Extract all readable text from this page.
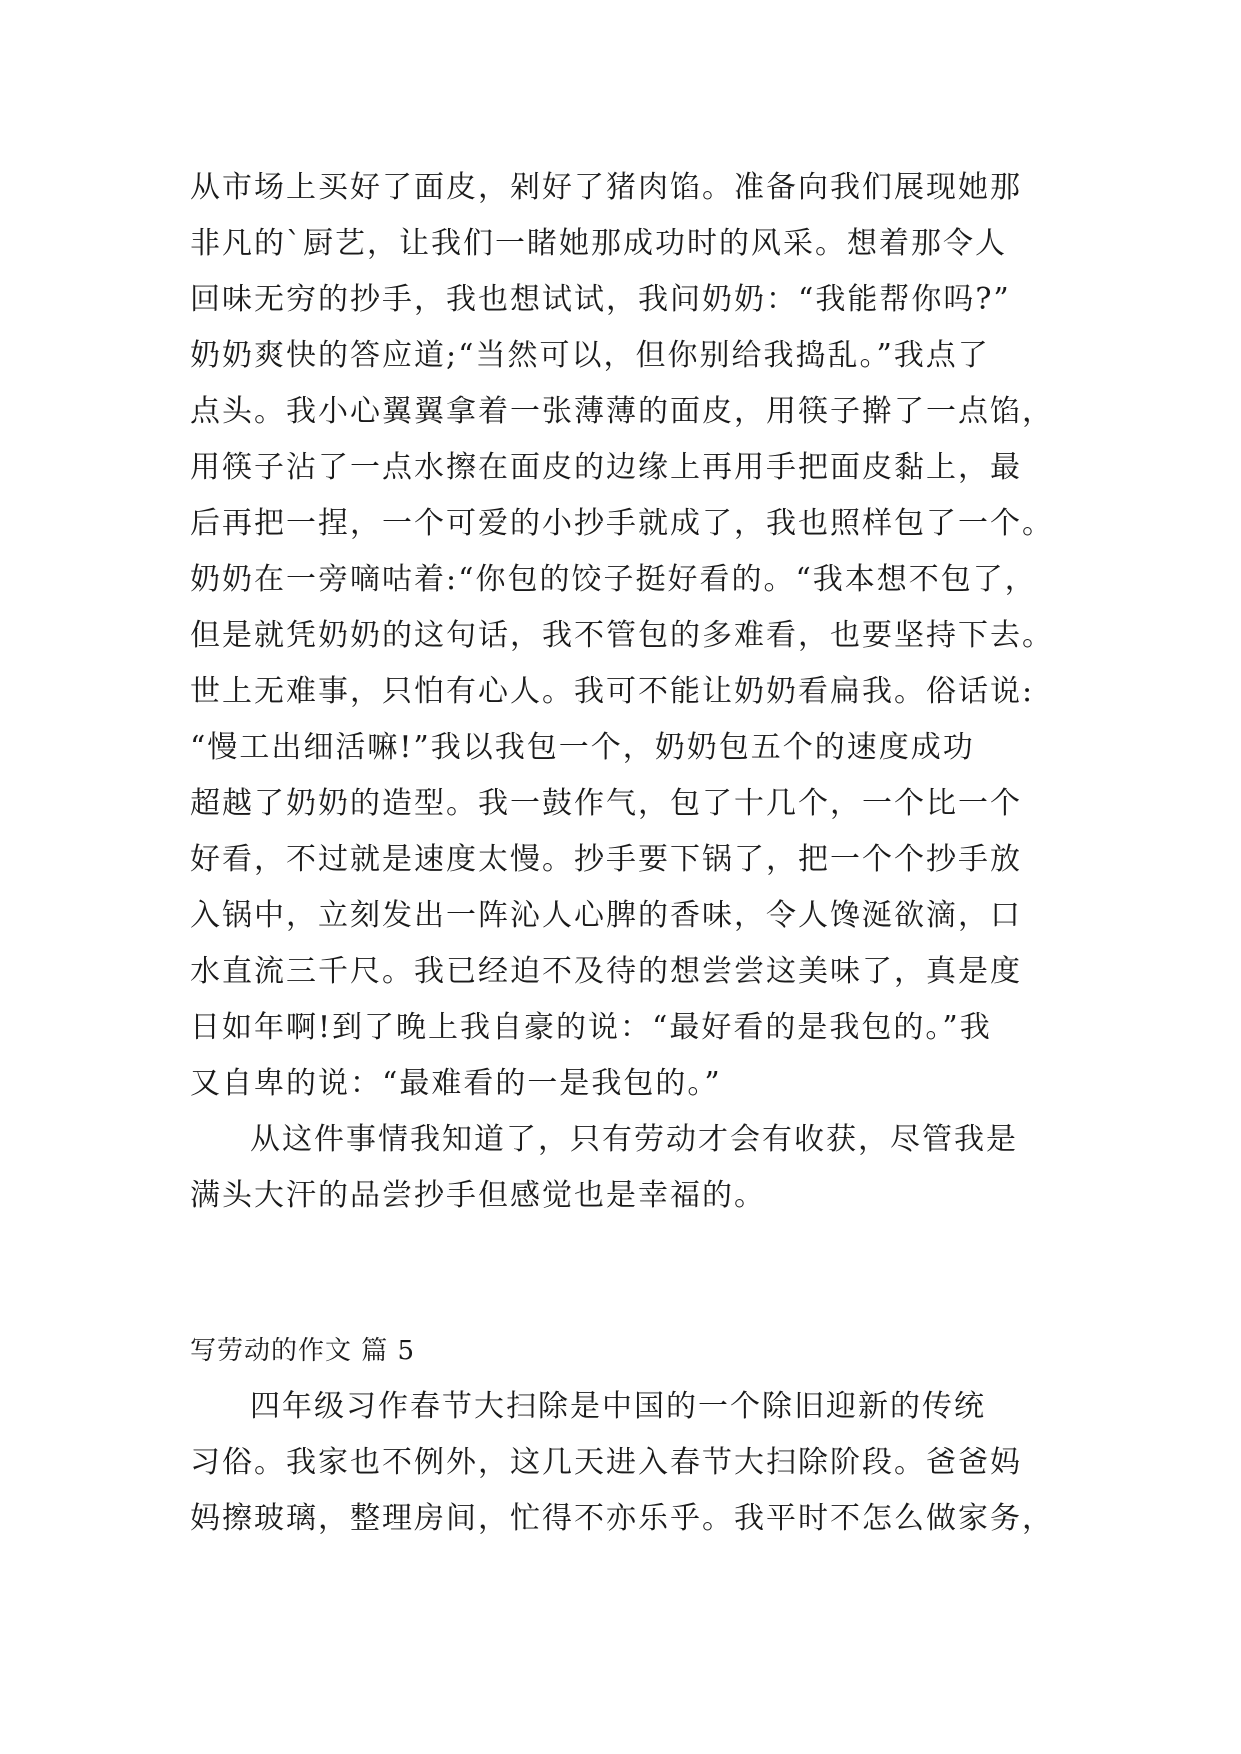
从市场上买好了面皮，剁好了猪肉馅。准备向我们展现她那
非凡的`厨艺，让我们一睹她那成功时的风采。想着那令人
回味无穷的抄手，我也想试试，我问奶奶：“我能帮你吗?”
奶奶爽快的答应道;“当然可以，但你别给我捣乱。”我点了
点头。我小心翼翼拿着一张薄薄的面皮，用筷子擀了一点馅，
用筷子沾了一点水擦在面皮的边缘上再用手把面皮黏上，最
后再把一捏，一个可爱的小抄手就成了，我也照样包了一个。
奶奶在一旁嘀咕着:“你包的饺子挺好看的。“我本想不包了，
但是就凭奶奶的这句话，我不管包的多难看，也要坚持下去。
世上无难事，只怕有心人。我可不能让奶奶看扁我。俗话说:
“慢工出细活嘛!”我以我包一个，奶奶包五个的速度成功
超越了奶奶的造型。我一鼓作气，包了十几个，一个比一个
好看，不过就是速度太慢。抄手要下锅了，把一个个抄手放
入锅中，立刻发出一阵沁人心脾的香味，令人馋涎欲滴，口
水直流三千尺。我已经迫不及待的想尝尝这美味了，真是度
日如年啊!到了晚上我自豪的说：“最好看的是我包的。”我
又自卑的说：“最难看的一是我包的。”
从这件事情我知道了，只有劳动才会有收获，尽管我是
满头大汗的品尝抄手但感觉也是幸福的。
写劳动的作文 篇 5
四年级习作春节大扫除是中国的一个除旧迎新的传统
习俗。我家也不例外，这几天进入春节大扫除阶段。爸爸妈
妈擦玻璃，整理房间，忙得不亦乐乎。我平时不怎么做家务，
